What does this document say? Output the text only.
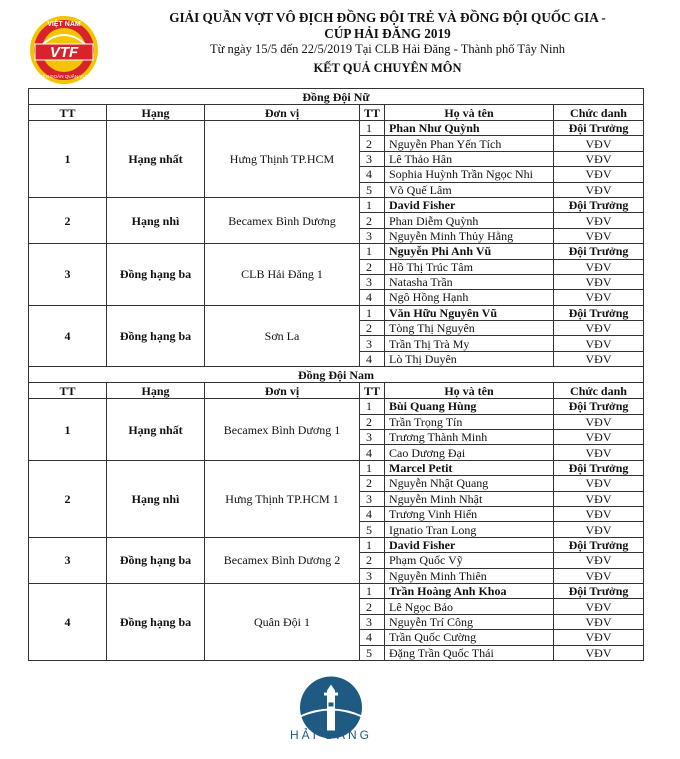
VTF
VIỆT NAM
LIÊN ĐOÀN QUẦN VỢT
GIẢI QUẦN VỢT VÔ ĐỊCH ĐỒNG ĐỘI TRẺ VÀ ĐỒNG ĐỘI QUỐC GIA -
CÚP HẢI ĐĂNG 2019
Từ ngày 15/5 đến 22/5/2019 Tại CLB Hải Đăng - Thành phố Tây Ninh
KẾT QUẢ CHUYÊN MÔN
Đồng Đội Nữ					
TT	Hạng	Đơn vị	TT	Họ và tên	Chức danh
1	Hạng nhất	Hưng Thịnh TP.HCM	1	Phan Như Quỳnh	Đội Trưởng
			2	Nguyễn Phan Yến Tích	VĐV
			3	Lê Thảo Hân	VĐV
			4	Sophia Huỳnh Trần Ngọc Nhi	VĐV
			5	Võ Quế Lâm	VĐV
2	Hạng nhì	Becamex Bình Dương	1	David Fisher	Đội Trưởng
			2	Phan Diễm Quỳnh	VĐV
			3	Nguyễn Minh Thủy Hằng	VĐV
3	Đồng hạng ba	CLB Hải Đăng 1	1	Nguyễn Phi Anh Vũ	Đội Trưởng
			2	Hồ Thị Trúc Tâm	VĐV
			3	Natasha Trần	VĐV
			4	Ngô Hồng Hạnh	VĐV
4	Đồng hạng ba	Sơn La	1	Văn Hữu Nguyên Vũ	Đội Trưởng
			2	Tòng Thị Nguyên	VĐV
			3	Trần Thị Trà My	VĐV
			4	Lò Thị Duyên	VĐV
Đồng Đội Nam					
TT	Hạng	Đơn vị	TT	Họ và tên	Chức danh
1	Hạng nhất	Becamex Bình Dương 1	1	Bùi Quang Hùng	Đội Trưởng
			2	Trần Trọng Tín	VĐV
			3	Trương Thành Minh	VĐV
			4	Cao Dương Đại	VĐV
2	Hạng nhì	Hưng Thịnh TP.HCM 1	1	Marcel Petit	Đội Trưởng
			2	Nguyễn Nhật Quang	VĐV
			3	Nguyễn Minh Nhật	VĐV
			4	Trương Vinh Hiển	VĐV
			5	Ignatio Tran Long	VĐV
3	Đồng hạng ba	Becamex Bình Dương 2	1	David Fisher	Đội Trưởng
			2	Phạm Quốc Vỹ	VĐV
			3	Nguyễn Minh Thiên	VĐV
4	Đồng hạng ba	Quân Đội 1	1	Trần Hoàng Anh Khoa	Đội Trưởng
			2	Lê Ngọc Bảo	VĐV
			3	Nguyễn Trí Công	VĐV
			4	Trần Quốc Cường	VĐV
			5	Đặng Trần Quốc Thái	VĐV
HẢI ĐĂNG
